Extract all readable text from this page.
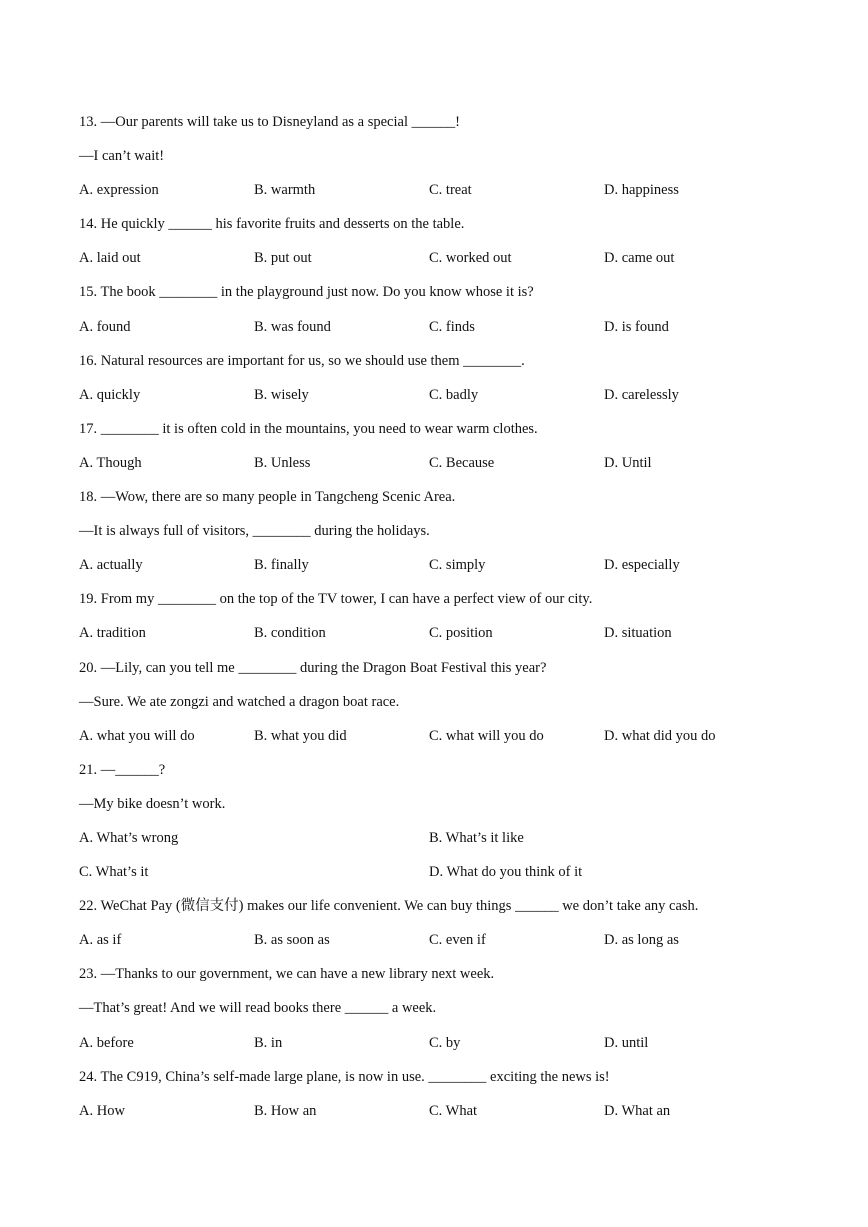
13. —Our parents will take us to Disneyland as a special ______!
—I can’t wait!
A. expression	B. warmth	C. treat	D. happiness
14. He quickly ______ his favorite fruits and desserts on the table.
A. laid out	B. put out	C. worked out	D. came out
15. The book ________ in the playground just now. Do you know whose it is?
A. found	B. was found	C. finds	D. is found
16. Natural resources are important for us, so we should use them ________.
A. quickly	B. wisely	C. badly	D. carelessly
17. ________ it is often cold in the mountains, you need to wear warm clothes.
A. Though	B. Unless	C. Because	D. Until
18. —Wow, there are so many people in Tangcheng Scenic Area.
—It is always full of visitors, ________ during the holidays.
A. actually	B. finally	C. simply	D. especially
19. From my ________ on the top of the TV tower, I can have a perfect view of our city.
A. tradition	B. condition	C. position	D. situation
20. —Lily, can you tell me ________ during the Dragon Boat Festival this year?
—Sure. We ate zongzi and watched a dragon boat race.
A. what you will do	B. what you did	C. what will you do	D. what did you do
21. —______?
—My bike doesn’t work.
A. What’s wrong	B. What’s it like
C. What’s it	D. What do you think of it
22. WeChat Pay (微信支付) makes our life convenient. We can buy things ______ we don’t take any cash.
A. as if	B. as soon as	C. even if	D. as long as
23. —Thanks to our government, we can have a new library next week.
—That’s great! And we will read books there ______ a week.
A. before	B. in	C. by	D. until
24. The C919, China’s self-made large plane, is now in use. ________ exciting the news is!
A. How	B. How an	C. What	D. What an
